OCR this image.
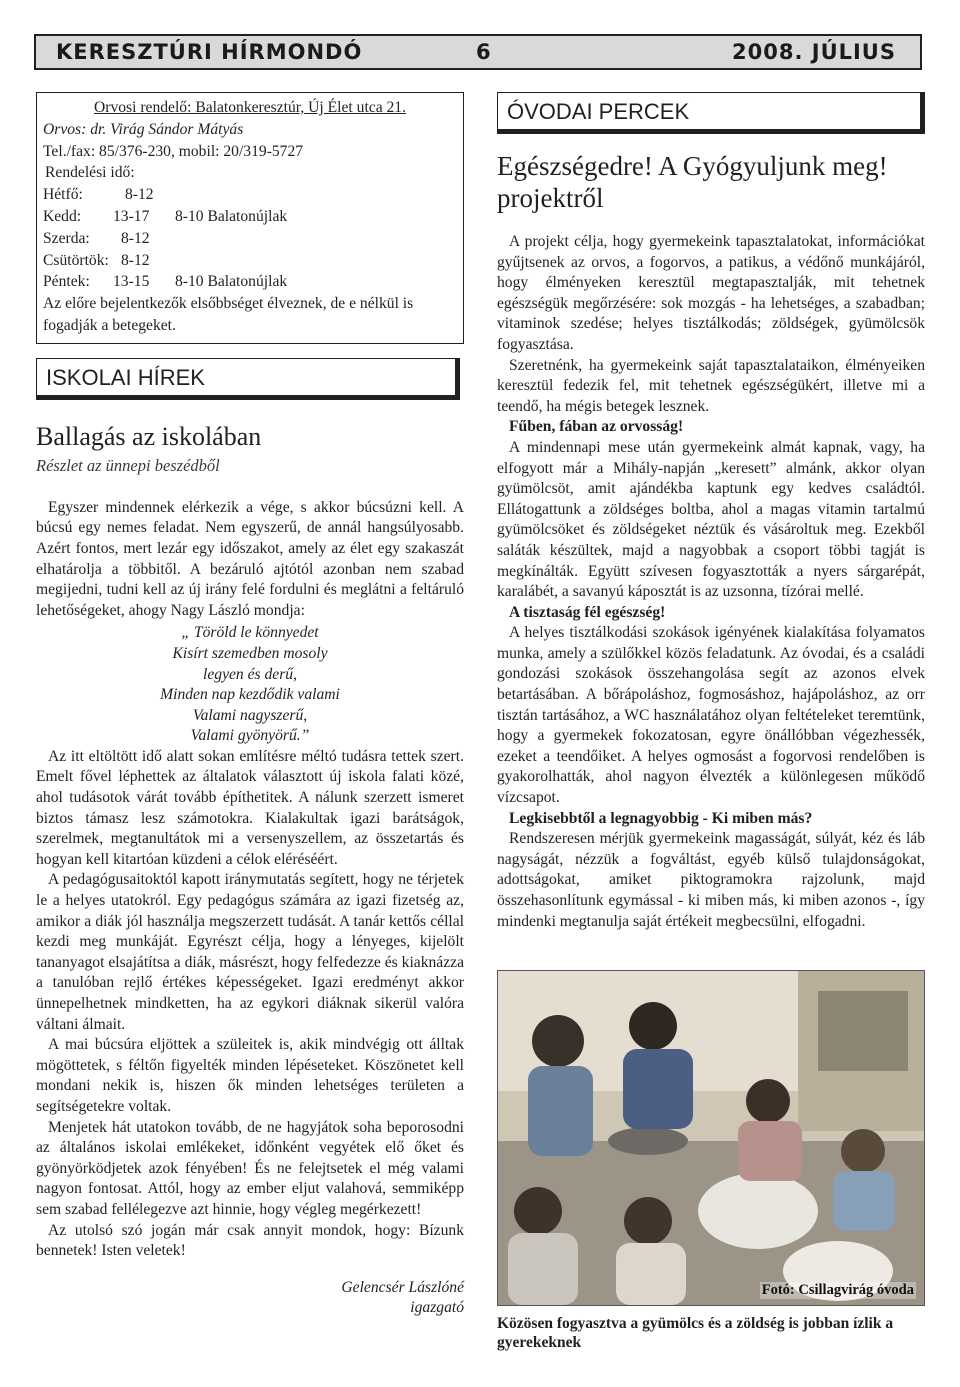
KERESZTÚRI HÍRMONDÓ	6	2008. JÚLIUS
Orvosi rendelő: Balatonkeresztúr, Új Élet utca 21.
Orvos: dr. Virág Sándor Mátyás
Tel./fax: 85/376-230, mobil: 20/319-5727
Rendelési idő:
Hétfő:	8-12
Kedd: 13-17 8-10 Balatonújlak
Szerda: 8-12
Csütörtök: 8-12
Péntek: 13-15 8-10 Balatonújlak
Az előre bejelentkezők elsőbbséget élveznek, de e nélkül is
fogadják a betegeket.
ISKOLAI HÍREK
Ballagás az iskolában
Részlet az ünnepi beszédből

Egyszer mindennek elérkezik a vége, s akkor búcsúzni kell. A búcsú egy nemes feladat. Nem egyszerű, de annál hangsúlyosabb. Azért fontos, mert lezár egy időszakot, amely az élet egy szakaszát elhatárolja a többitől. A bezáruló ajtótól azonban nem szabad megijedni, tudni kell az új irány felé fordulni és meglátni a feltáruló lehetőségeket, ahogy Nagy László mondja:

„ Töröld le könnyedet
Kisírt szemedben mosoly
legyen és derű,
Minden nap kezdődik valami
Valami nagyszerű,
Valami gyönyörű.”

Az itt eltöltött idő alatt sokan említésre méltó tudásra tettek szert. Emelt fővel léphettek az általatok választott új iskola falati közé, ahol tudásotok várát tovább építhetitek. A nálunk szerzett ismeret biztos támasz lesz számotokra. Kialakultak igazi barátságok, szerelmek, megtanultátok mi a versenyszellem, az összetartás és hogyan kell kitartóan küzdeni a célok eléréséért.

A pedagógusaitoktól kapott iránymutatás segített, hogy ne térjetek le a helyes utatokról. Egy pedagógus számára az igazi fizetség az, amikor a diák jól használja megszerzett tudását. A tanár kettős céllal kezdi meg munkáját. Egyrészt célja, hogy a lényeges, kijelölt tananyagot elsajátítsa a diák, másrészt, hogy felfedezze és kiaknázza a tanulóban rejlő értékes képességeket. Igazi eredményt akkor ünnepelhetnek mindketten, ha az egykori diáknak sikerül valóra váltani álmait.

A mai búcsúra eljöttek a szüleitek is, akik mindvégig ott álltak mögöttetek, s féltőn figyelték minden lépéseteket. Köszönetet kell mondani nekik is, hiszen ők minden lehetséges területen a segítségetekre voltak.

Menjetek hát utatokon tovább, de ne hagyjátok soha beporosodni az általános iskolai emlékeket, időnként vegyétek elő őket és gyönyörködjetek azok fényében! És ne felejtsetek el még valami nagyon fontosat. Attól, hogy az ember eljut valahová, semmiképp sem szabad fellélegezve azt hinnie, hogy végleg megérkezett!

Az utolsó szó jogán már csak annyit mondok, hogy: Bízunk bennetek! Isten veletek!

Gelencsér Lászlóné
igazgató
ÓVODAI PERCEK
Egészségedre! A Gyógyuljunk meg!
projektről

A projekt célja, hogy gyermekeink tapasztalatokat, információkat gyűjtsenek az orvos, a fogorvos, a patikus, a védőnő munkájáról, hogy élményeken keresztül megtapasztalják, mit tehetnek egészségük megőrzésére: sok mozgás - ha lehetséges, a szabadban; vitaminok szedése; helyes tisztálkodás; zöldségek, gyümölcsök fogyasztása.

Szeretnénk, ha gyermekeink saját tapasztalataikon, élményeiken keresztül fedezik fel, mit tehetnek egészségükért, illetve mi a teendő, ha mégis betegek lesznek.

Fűben, fában az orvosság!

A mindennapi mese után gyermekeink almát kapnak, vagy, ha elfogyott már a Mihály-napján „keresett” almánk, akkor olyan gyümölcsöt, amit ajándékba kaptunk egy kedves családtól. Ellátogattunk a zöldséges boltba, ahol a magas vitamin tartalmú gyümölcsöket és zöldségeket néztük és vásároltuk meg. Ezekből saláták készültek, majd a nagyobbak a csoport többi tagját is megkínálták. Együtt szívesen fogyasztották a nyers sárgarépát, karalábét, a savanyú káposztát is az uzsonna, tízórai mellé.

A tisztaság fél egészség!

A helyes tisztálkodási szokások igényének kialakítása folyamatos munka, amely a szülőkkel közös feladatunk. Az óvodai, és a családi gondozási szokások összehangolása segít az azonos elvek betartásában. A bőrápoláshoz, fogmosáshoz, hajápoláshoz, az orr tisztán tartásához, a WC használatához olyan feltételeket teremtünk, hogy a gyermekek fokozatosan, egyre önállóbban végezhessék, ezeket a teendőiket. A helyes ogmosást a fogorvosi rendelőben is gyakorolhatták, ahol nagyon élvezték a különlegesen működő vízcsapot.

Legkisebbtől a legnagyobbig - Ki miben más?

Rendszeresen mérjük gyermekeink magasságát, súlyát, kéz és láb nagyságát, nézzük a fogváltást, egyéb külső tulajdonságokat, adottságokat, amiket piktogramokra rajzolunk, majd összehasonlítunk egymással - ki miben más, ki miben azonos -, így mindenki megtanulja saját értékeit megbecsülni, elfogadni.

Fotó: Csillagvirág óvoda
Közösen fogyasztva a gyümölcs és a zöldség is jobban ízlik a gyerekeknek
